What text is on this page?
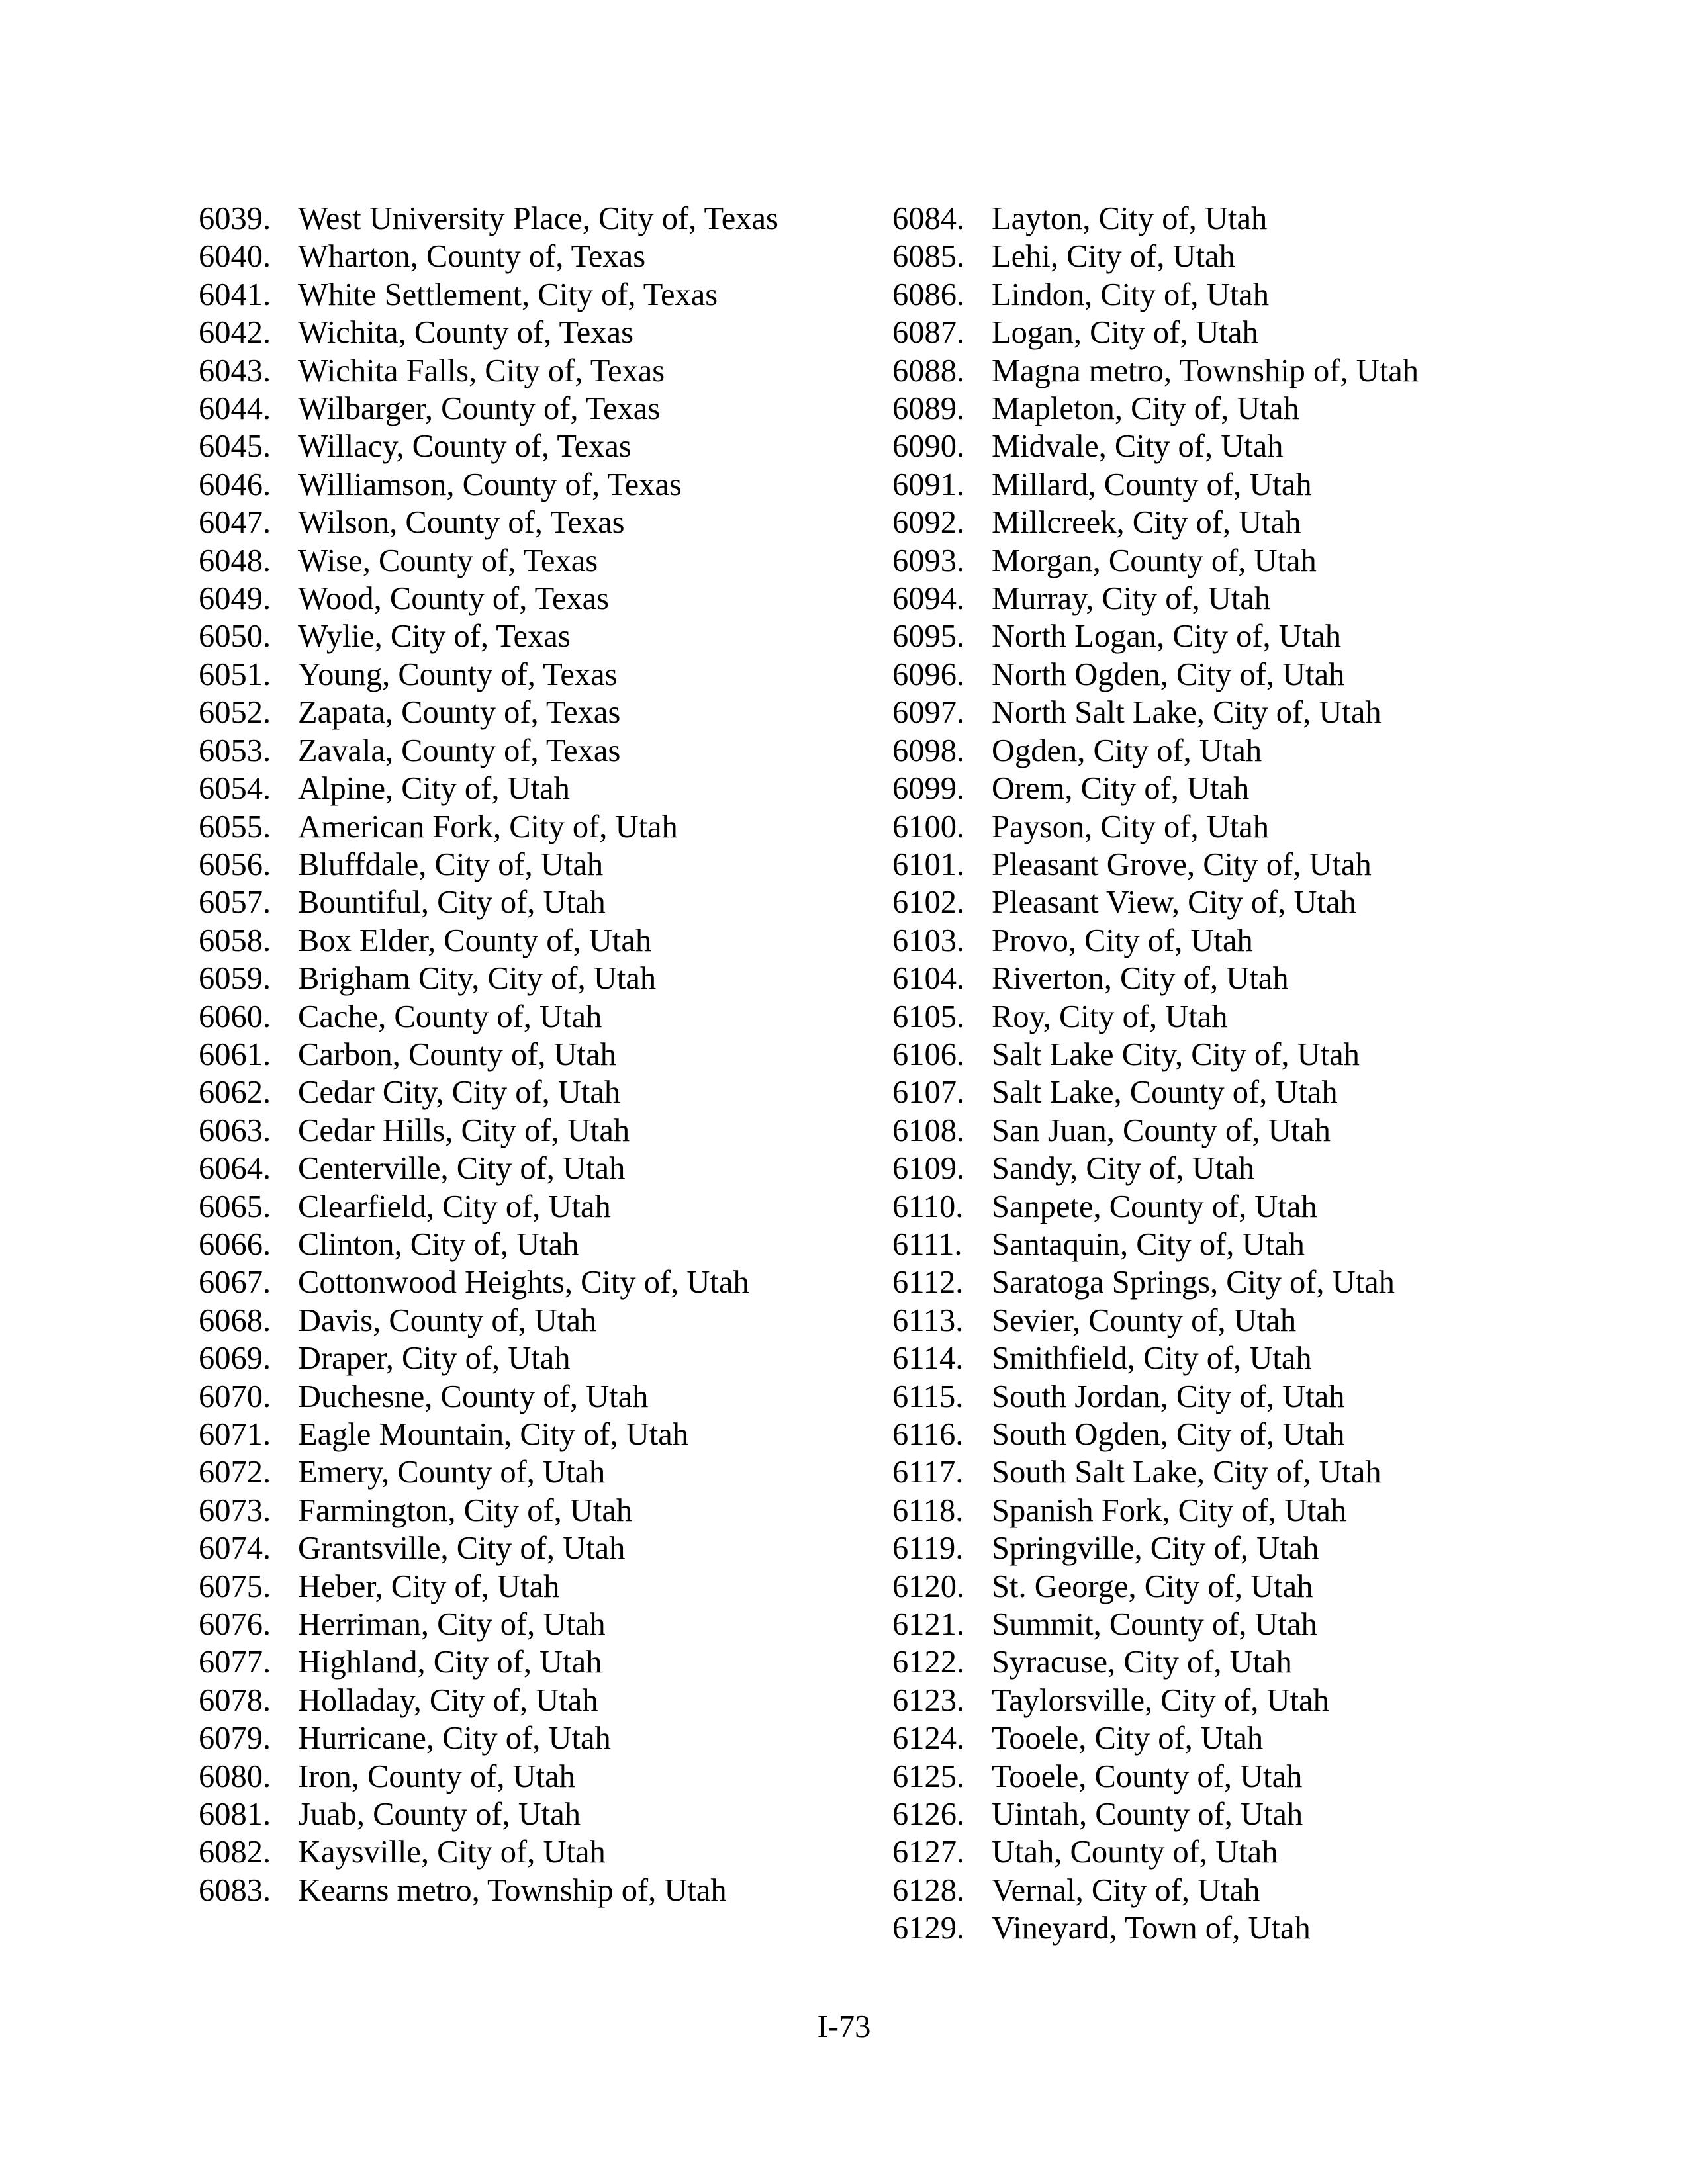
6039. West University Place, City of, Texas
6040. Wharton, County of, Texas
6041. White Settlement, City of, Texas
6042. Wichita, County of, Texas
6043. Wichita Falls, City of, Texas
6044. Wilbarger, County of, Texas
6045. Willacy, County of, Texas
6046. Williamson, County of, Texas
6047. Wilson, County of, Texas
6048. Wise, County of, Texas
6049. Wood, County of, Texas
6050. Wylie, City of, Texas
6051. Young, County of, Texas
6052. Zapata, County of, Texas
6053. Zavala, County of, Texas
6054. Alpine, City of, Utah
6055. American Fork, City of, Utah
6056. Bluffdale, City of, Utah
6057. Bountiful, City of, Utah
6058. Box Elder, County of, Utah
6059. Brigham City, City of, Utah
6060. Cache, County of, Utah
6061. Carbon, County of, Utah
6062. Cedar City, City of, Utah
6063. Cedar Hills, City of, Utah
6064. Centerville, City of, Utah
6065. Clearfield, City of, Utah
6066. Clinton, City of, Utah
6067. Cottonwood Heights, City of, Utah
6068. Davis, County of, Utah
6069. Draper, City of, Utah
6070. Duchesne, County of, Utah
6071. Eagle Mountain, City of, Utah
6072. Emery, County of, Utah
6073. Farmington, City of, Utah
6074. Grantsville, City of, Utah
6075. Heber, City of, Utah
6076. Herriman, City of, Utah
6077. Highland, City of, Utah
6078. Holladay, City of, Utah
6079. Hurricane, City of, Utah
6080. Iron, County of, Utah
6081. Juab, County of, Utah
6082. Kaysville, City of, Utah
6083. Kearns metro, Township of, Utah
6084. Layton, City of, Utah
6085. Lehi, City of, Utah
6086. Lindon, City of, Utah
6087. Logan, City of, Utah
6088. Magna metro, Township of, Utah
6089. Mapleton, City of, Utah
6090. Midvale, City of, Utah
6091. Millard, County of, Utah
6092. Millcreek, City of, Utah
6093. Morgan, County of, Utah
6094. Murray, City of, Utah
6095. North Logan, City of, Utah
6096. North Ogden, City of, Utah
6097. North Salt Lake, City of, Utah
6098. Ogden, City of, Utah
6099. Orem, City of, Utah
6100. Payson, City of, Utah
6101. Pleasant Grove, City of, Utah
6102. Pleasant View, City of, Utah
6103. Provo, City of, Utah
6104. Riverton, City of, Utah
6105. Roy, City of, Utah
6106. Salt Lake City, City of, Utah
6107. Salt Lake, County of, Utah
6108. San Juan, County of, Utah
6109. Sandy, City of, Utah
6110. Sanpete, County of, Utah
6111. Santaquin, City of, Utah
6112. Saratoga Springs, City of, Utah
6113. Sevier, County of, Utah
6114. Smithfield, City of, Utah
6115. South Jordan, City of, Utah
6116. South Ogden, City of, Utah
6117. South Salt Lake, City of, Utah
6118. Spanish Fork, City of, Utah
6119. Springville, City of, Utah
6120. St. George, City of, Utah
6121. Summit, County of, Utah
6122. Syracuse, City of, Utah
6123. Taylorsville, City of, Utah
6124. Tooele, City of, Utah
6125. Tooele, County of, Utah
6126. Uintah, County of, Utah
6127. Utah, County of, Utah
6128. Vernal, City of, Utah
6129. Vineyard, Town of, Utah
I-73
